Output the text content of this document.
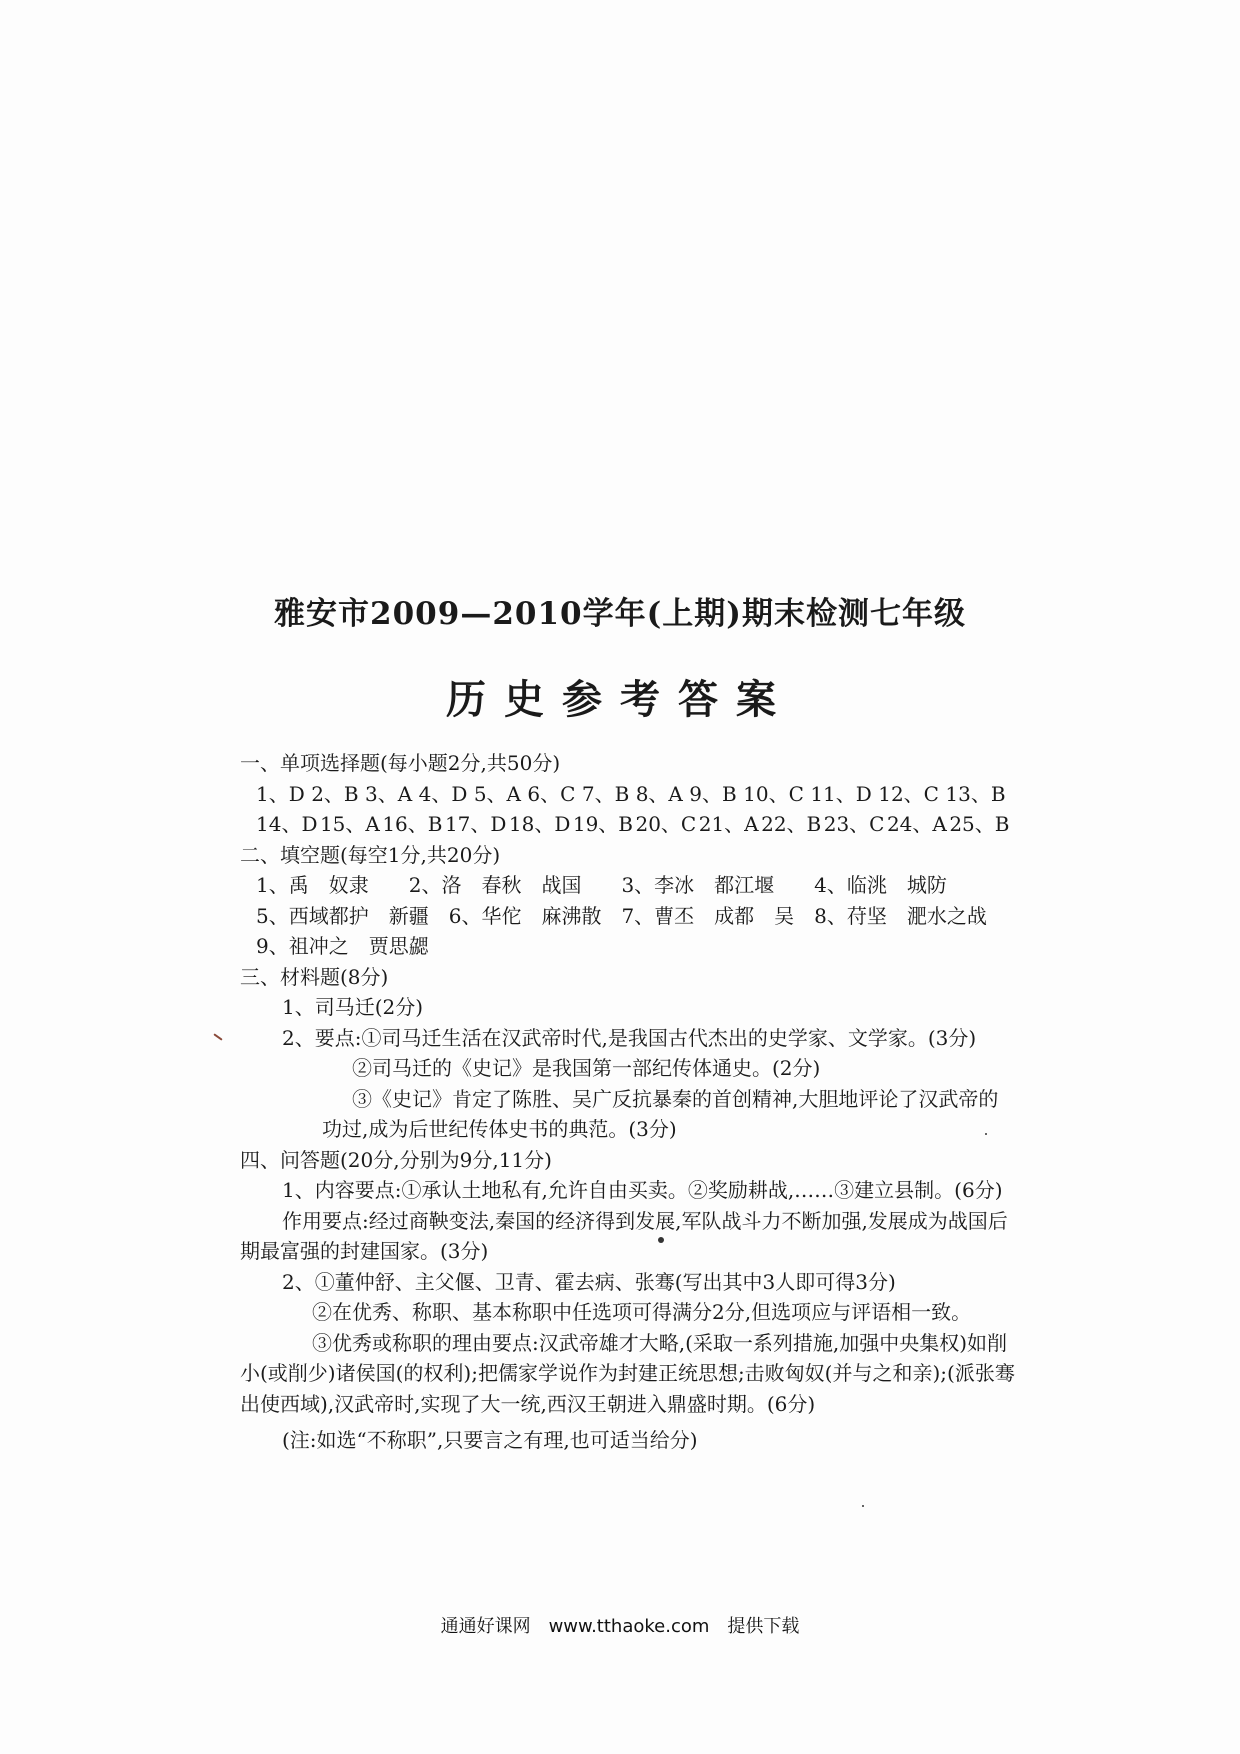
雅安市2009—2010学年(上期)期末检测七年级
历史参考答案
一、单项选择题(每小题2分,共50分)
1、D 2、B 3、A 4、D 5、A 6、C 7、B 8、A 9、B 10、C 11、D 12、C 13、B
14、D 15、A 16、B 17、D 18、D 19、B 20、C 21、A 22、B 23、C 24、A 25、B
二、填空题(每空1分,共20分)
1、禹　奴隶　　2、洛　春秋　战国　　3、李冰　都江堰　　4、临洮　城防
5、西域都护　新疆　6、华佗　麻沸散　7、曹丕　成都　吴　8、苻坚　淝水之战
9、祖冲之　贾思勰
三、材料题(8分)
1、司马迁(2分)
2、要点:①司马迁生活在汉武帝时代,是我国古代杰出的史学家、文学家。(3分)
②司马迁的《史记》是我国第一部纪传体通史。(2分)
③《史记》肯定了陈胜、吴广反抗暴秦的首创精神,大胆地评论了汉武帝的
功过,成为后世纪传体史书的典范。(3分)
四、问答题(20分,分别为9分,11分)
1、内容要点:①承认土地私有,允许自由买卖。②奖励耕战,……③建立县制。(6分)
作用要点:经过商鞅变法,秦国的经济得到发展,军队战斗力不断加强,发展成为战国后期最富强的封建国家。(3分)
2、①董仲舒、主父偃、卫青、霍去病、张骞(写出其中3人即可得3分)
②在优秀、称职、基本称职中任选项可得满分2分,但选项应与评语相一致。
③优秀或称职的理由要点:汉武帝雄才大略,(采取一系列措施,加强中央集权)如削小(或削少)诸侯国(的权利);把儒家学说作为封建正统思想;击败匈奴(并与之和亲);(派张骞出使西域),汉武帝时,实现了大一统,西汉王朝进入鼎盛时期。(6分)
(注:如选“不称职”,只要言之有理,也可适当给分)
通通好课网　www.tthaoke.com　提供下载
